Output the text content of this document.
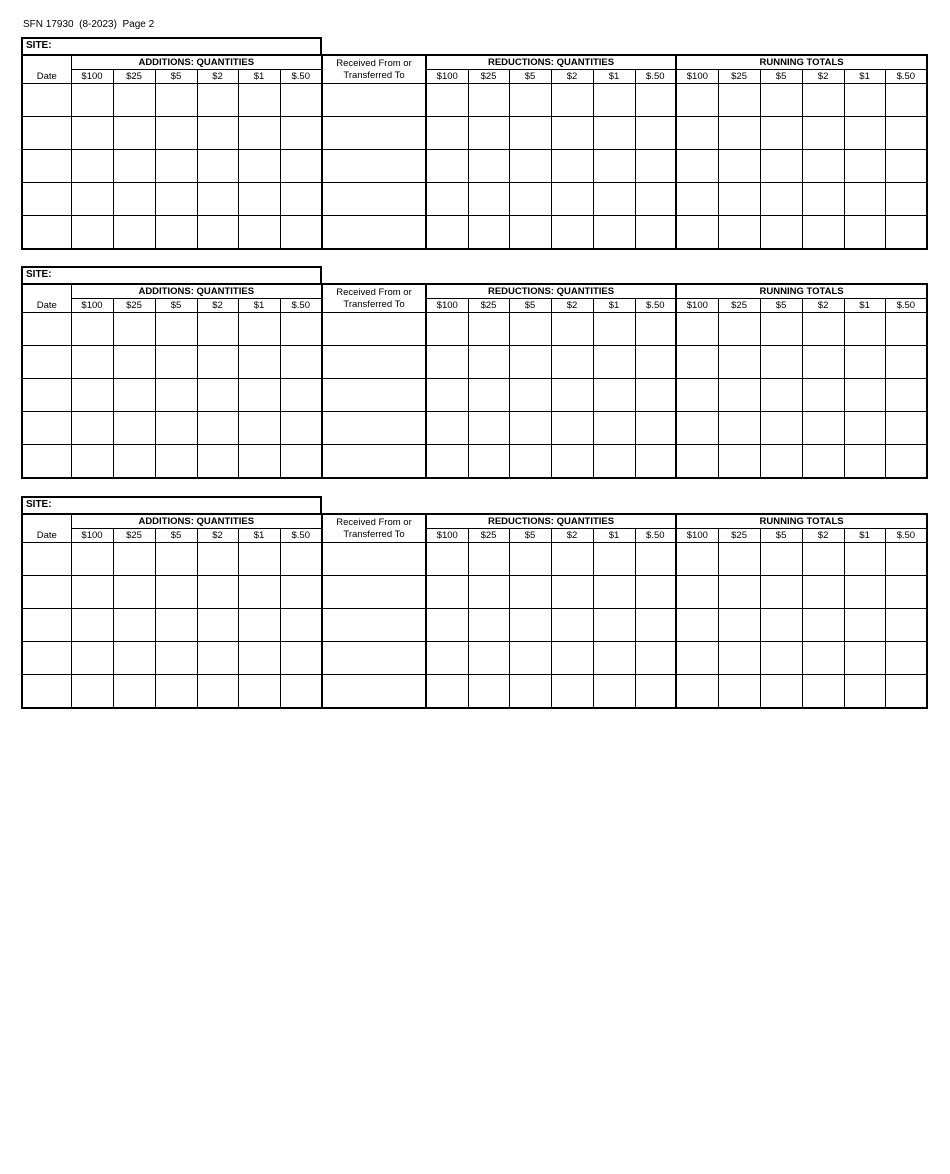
SFN 17930  (8-2023)  Page 2
SITE:
	ADDITIONS: QUANTITIES						Received From or	REDUCTIONS: QUANTITIES						RUNNING TOTALS					
Date	$100	$25	$5	$2	$1	$.50	Transferred To	$100	$25	$5	$2	$1	$.50	$100	$25	$5	$2	$1	$.50

SITE:
	ADDITIONS: QUANTITIES						Received From or	REDUCTIONS: QUANTITIES						RUNNING TOTALS					
Date	$100	$25	$5	$2	$1	$.50	Transferred To	$100	$25	$5	$2	$1	$.50	$100	$25	$5	$2	$1	$.50

SITE:
	ADDITIONS: QUANTITIES						Received From or	REDUCTIONS: QUANTITIES						RUNNING TOTALS					
Date	$100	$25	$5	$2	$1	$.50	Transferred To	$100	$25	$5	$2	$1	$.50	$100	$25	$5	$2	$1	$.50
